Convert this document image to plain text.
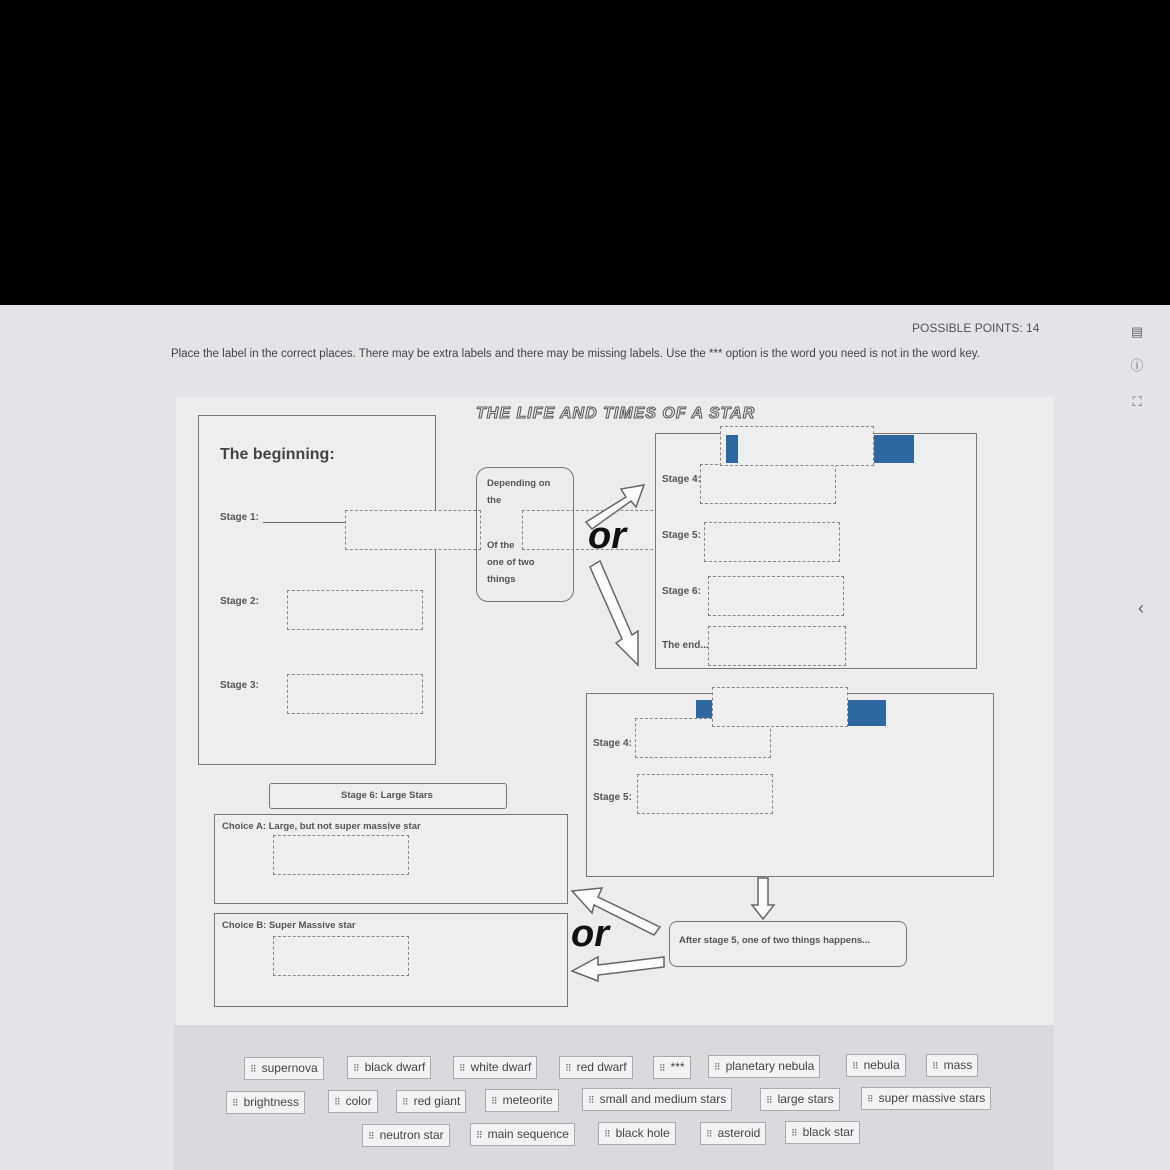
POSSIBLE POINTS: 14
Place the label in the correct places. There may be extra labels and there may be missing labels. Use the *** option is the word you need is not in the word key.
▤
ⓘ
⛶
‹
THE LIFE AND TIMES OF A STAR
The beginning:
Stage 1:
Stage 2:
Stage 3:
Depending on
the
Of the
one of two
things
or
Stage 4:
Stage 5:
Stage 6:
The end...
Stage 4:
Stage 5:
After stage 5, one of two things happens...
or
Stage 6: Large Stars
Choice A: Large, but not super massive star
Choice B: Super Massive star
⠿ supernova	⠿ black dwarf	⠿ white dwarf	⠿ red dwarf	⠿ ***	⠿ planetary nebula	⠿ nebula	⠿ mass
⠿ brightness	⠿ color	⠿ red giant	⠿ meteorite	⠿ small and medium stars	⠿ large stars	⠿ super massive stars
⠿ neutron star	⠿ main sequence	⠿ black hole	⠿ asteroid	⠿ black star
